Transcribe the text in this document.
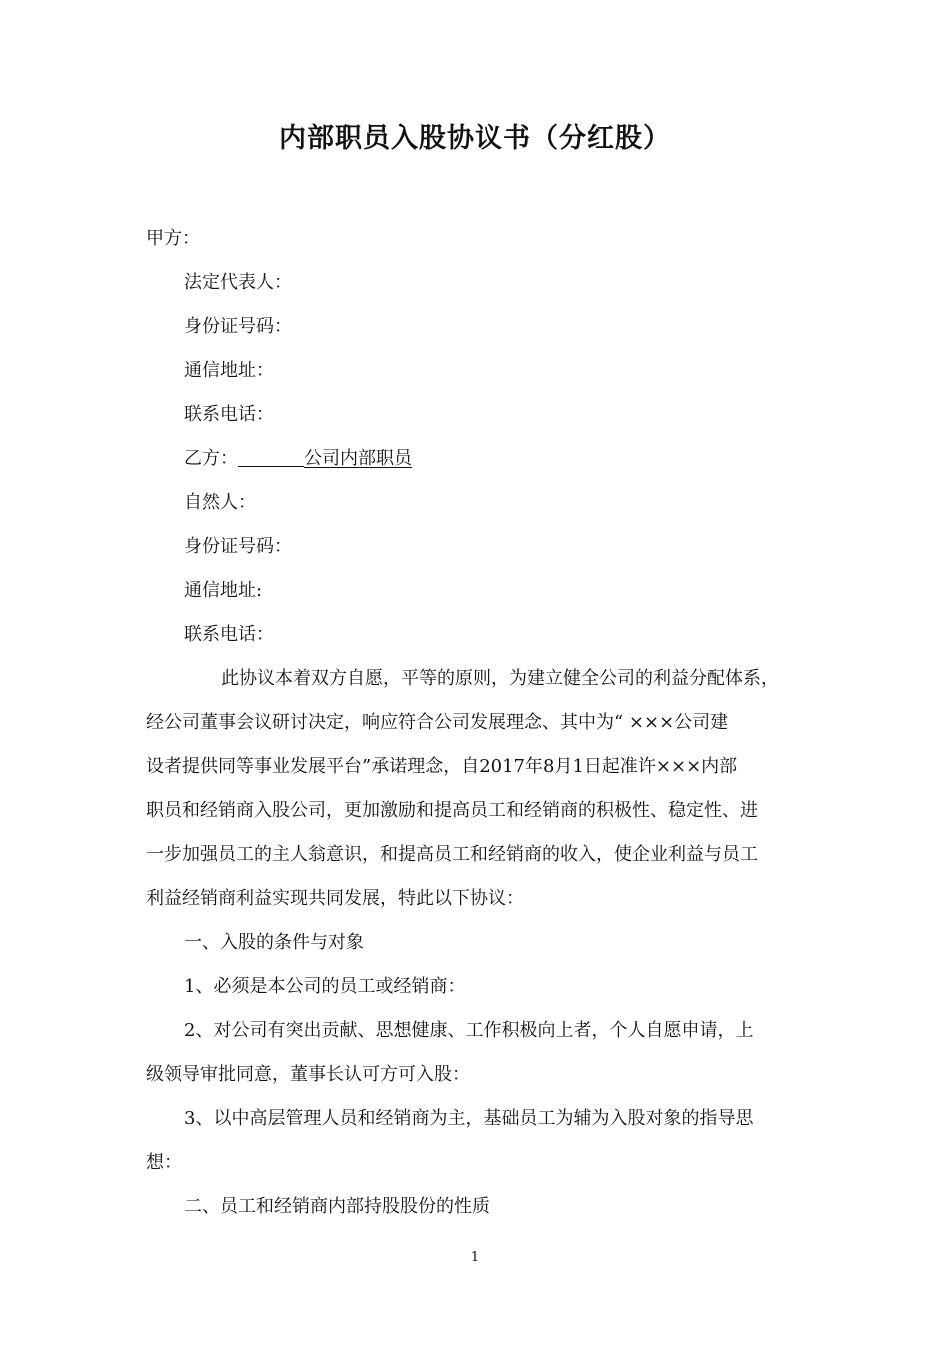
内部职员入股协议书（分红股）
甲方：
法定代表人：
身份证号码：
通信地址：
联系电话：
乙方：	公司内部职员
自然人：
身份证号码：
通信地址:
联系电话：
此协议本着双方自愿，平等的原则，为建立健全公司的利益分配体系，
经公司董事会议研讨决定，响应符合公司发展理念、其中为“ ×××公司建
设者提供同等事业发展平台”承诺理念，自2017年8月1日起准许×××内部
职员和经销商入股公司，更加激励和提高员工和经销商的积极性、稳定性、进
一步加强员工的主人翁意识，和提高员工和经销商的收入，使企业利益与员工
利益经销商利益实现共同发展，特此以下协议：
一、入股的条件与对象
1、必须是本公司的员工或经销商：
2、对公司有突出贡献、思想健康、工作积极向上者，个人自愿申请，上
级领导审批同意，董事长认可方可入股：
3、以中高层管理人员和经销商为主，基础员工为辅为入股对象的指导思
想：
二、员工和经销商内部持股股份的性质
1
